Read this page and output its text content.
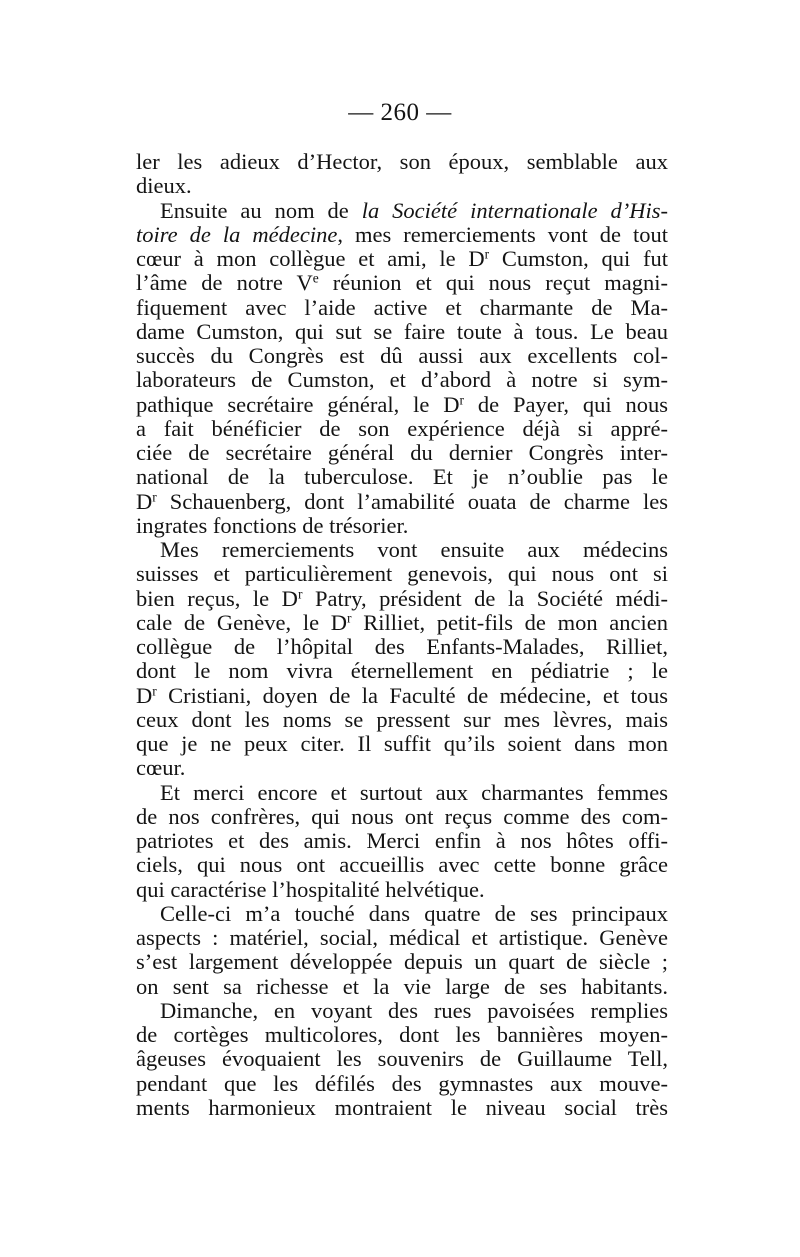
— 260 —
ler les adieux d’Hector, son époux, semblable aux
dieux.
Ensuite au nom de la Société internationale d’His-
toire de la médecine, mes remerciements vont de tout
cœur à mon collègue et ami, le $D^r$ Cumston, qui fut
l’âme de notre Ve réunion et qui nous reçut magni-
fiquement avec l’aide active et charmante de Ma-
dame Cumston, qui sut se faire toute à tous. Le beau
succès du Congrès est dû aussi aux excellents col-
laborateurs de Cumston, et d’abord à notre si sym-
pathique secrétaire général, le $D^r$ de Payer, qui nous
a fait bénéficier de son expérience déjà si appré-
ciée de secrétaire général du dernier Congrès inter-
national de la tuberculose. Et je n’oublie pas le
$D^r$ Schauenberg, dont l’amabilité ouata de charme les
ingrates fonctions de trésorier.
Mes remerciements vont ensuite aux médecins
suisses et particulièrement genevois, qui nous ont si
bien reçus, le $D^r$ Patry, président de la Société médi-
cale de Genève, le $D^r$ Rilliet, petit-fils de mon ancien
collègue de l’hôpital des Enfants-Malades, Rilliet,
dont le nom vivra éternellement en pédiatrie ; le
$D^r$ Cristiani, doyen de la Faculté de médecine, et tous
ceux dont les noms se pressent sur mes lèvres, mais
que je ne peux citer. Il suffit qu’ils soient dans mon
cœur.
Et merci encore et surtout aux charmantes femmes
de nos confrères, qui nous ont reçus comme des com-
patriotes et des amis. Merci enfin à nos hôtes offi-
ciels, qui nous ont accueillis avec cette bonne grâce
qui caractérise l’hospitalité helvétique.
Celle-ci m’a touché dans quatre de ses principaux
aspects : matériel, social, médical et artistique. Genève
s’est largement développée depuis un quart de siècle ;
on sent sa richesse et la vie large de ses habitants.
Dimanche, en voyant des rues pavoisées remplies
de cortèges multicolores, dont les bannières moyen-
âgeuses évoquaient les souvenirs de Guillaume Tell,
pendant que les défilés des gymnastes aux mouve-
ments harmonieux montraient le niveau social très
